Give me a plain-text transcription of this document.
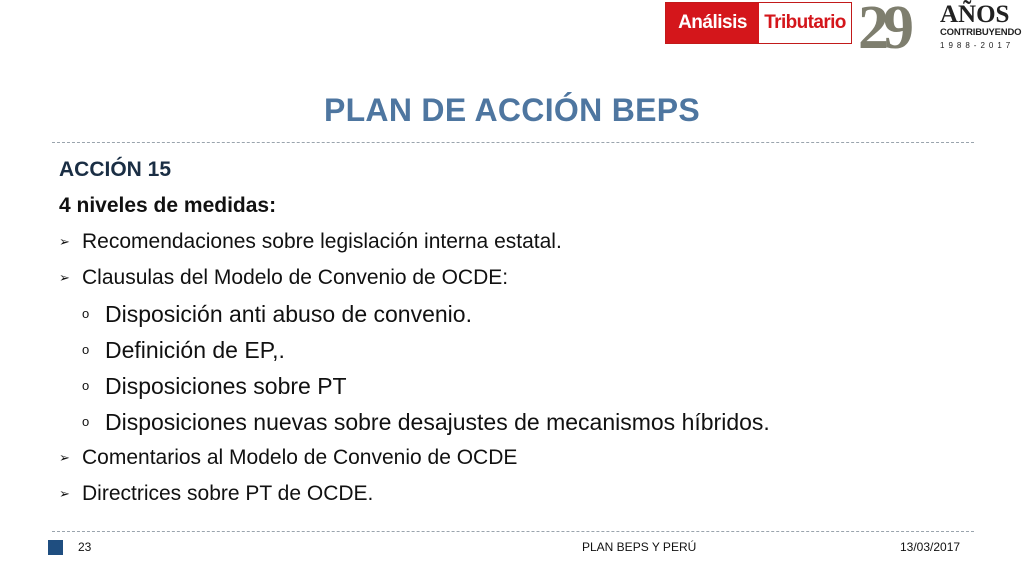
Análisis Tributario 29	AÑOS
CONTRIBUYENDO
1988-2017
PLAN DE ACCIÓN BEPS
ACCIÓN 15
4 niveles de medidas:
➢ Recomendaciones sobre legislación interna estatal.
➢ Clausulas del Modelo de Convenio de OCDE:
o Disposición anti abuso de convenio.
o Definición de EP,.
o Disposiciones sobre PT
o Disposiciones nuevas sobre desajustes de mecanismos híbridos.
➢ Comentarios al Modelo de Convenio de OCDE
➢ Directrices sobre PT de OCDE.
23	PLAN BEPS Y PERÚ	13/03/2017
